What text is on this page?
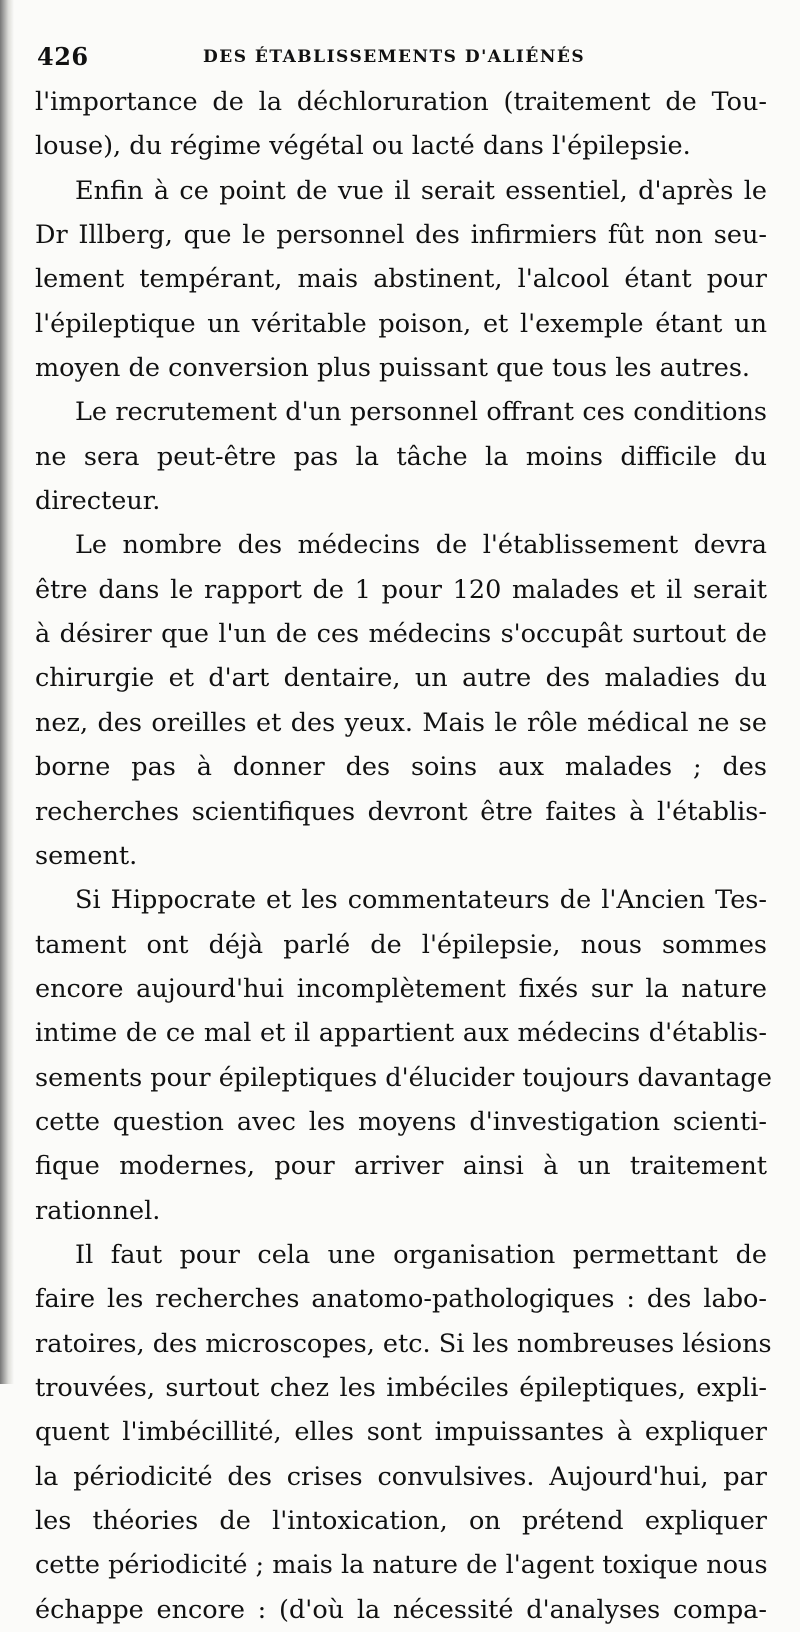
426	DES ÉTABLISSEMENTS D'ALIÉNÉS
l'importance de la déchloruration (traitement de Tou-
louse), du régime végétal ou lacté dans l'épilepsie.
Enfin à ce point de vue il serait essentiel, d'après le
Dr Illberg, que le personnel des infirmiers fût non seu-
lement tempérant, mais abstinent, l'alcool étant pour
l'épileptique un véritable poison, et l'exemple étant un
moyen de conversion plus puissant que tous les autres.
Le recrutement d'un personnel offrant ces conditions
ne sera peut-être pas la tâche la moins difficile du
directeur.
Le nombre des médecins de l'établissement devra
être dans le rapport de 1 pour 120 malades et il serait
à désirer que l'un de ces médecins s'occupât surtout de
chirurgie et d'art dentaire, un autre des maladies du
nez, des oreilles et des yeux. Mais le rôle médical ne se
borne pas à donner des soins aux malades ; des
recherches scientifiques devront être faites à l'établis-
sement.
Si Hippocrate et les commentateurs de l'Ancien Tes-
tament ont déjà parlé de l'épilepsie, nous sommes
encore aujourd'hui incomplètement fixés sur la nature
intime de ce mal et il appartient aux médecins d'établis-
sements pour épileptiques d'élucider toujours davantage
cette question avec les moyens d'investigation scienti-
fique modernes, pour arriver ainsi à un traitement
rationnel.
Il faut pour cela une organisation permettant de
faire les recherches anatomo-pathologiques : des labo-
ratoires, des microscopes, etc. Si les nombreuses lésions
trouvées, surtout chez les imbéciles épileptiques, expli-
quent l'imbécillité, elles sont impuissantes à expliquer
la périodicité des crises convulsives. Aujourd'hui, par
les théories de l'intoxication, on prétend expliquer
cette périodicité ; mais la nature de l'agent toxique nous
échappe encore : (d'où la nécessité d'analyses compa-
